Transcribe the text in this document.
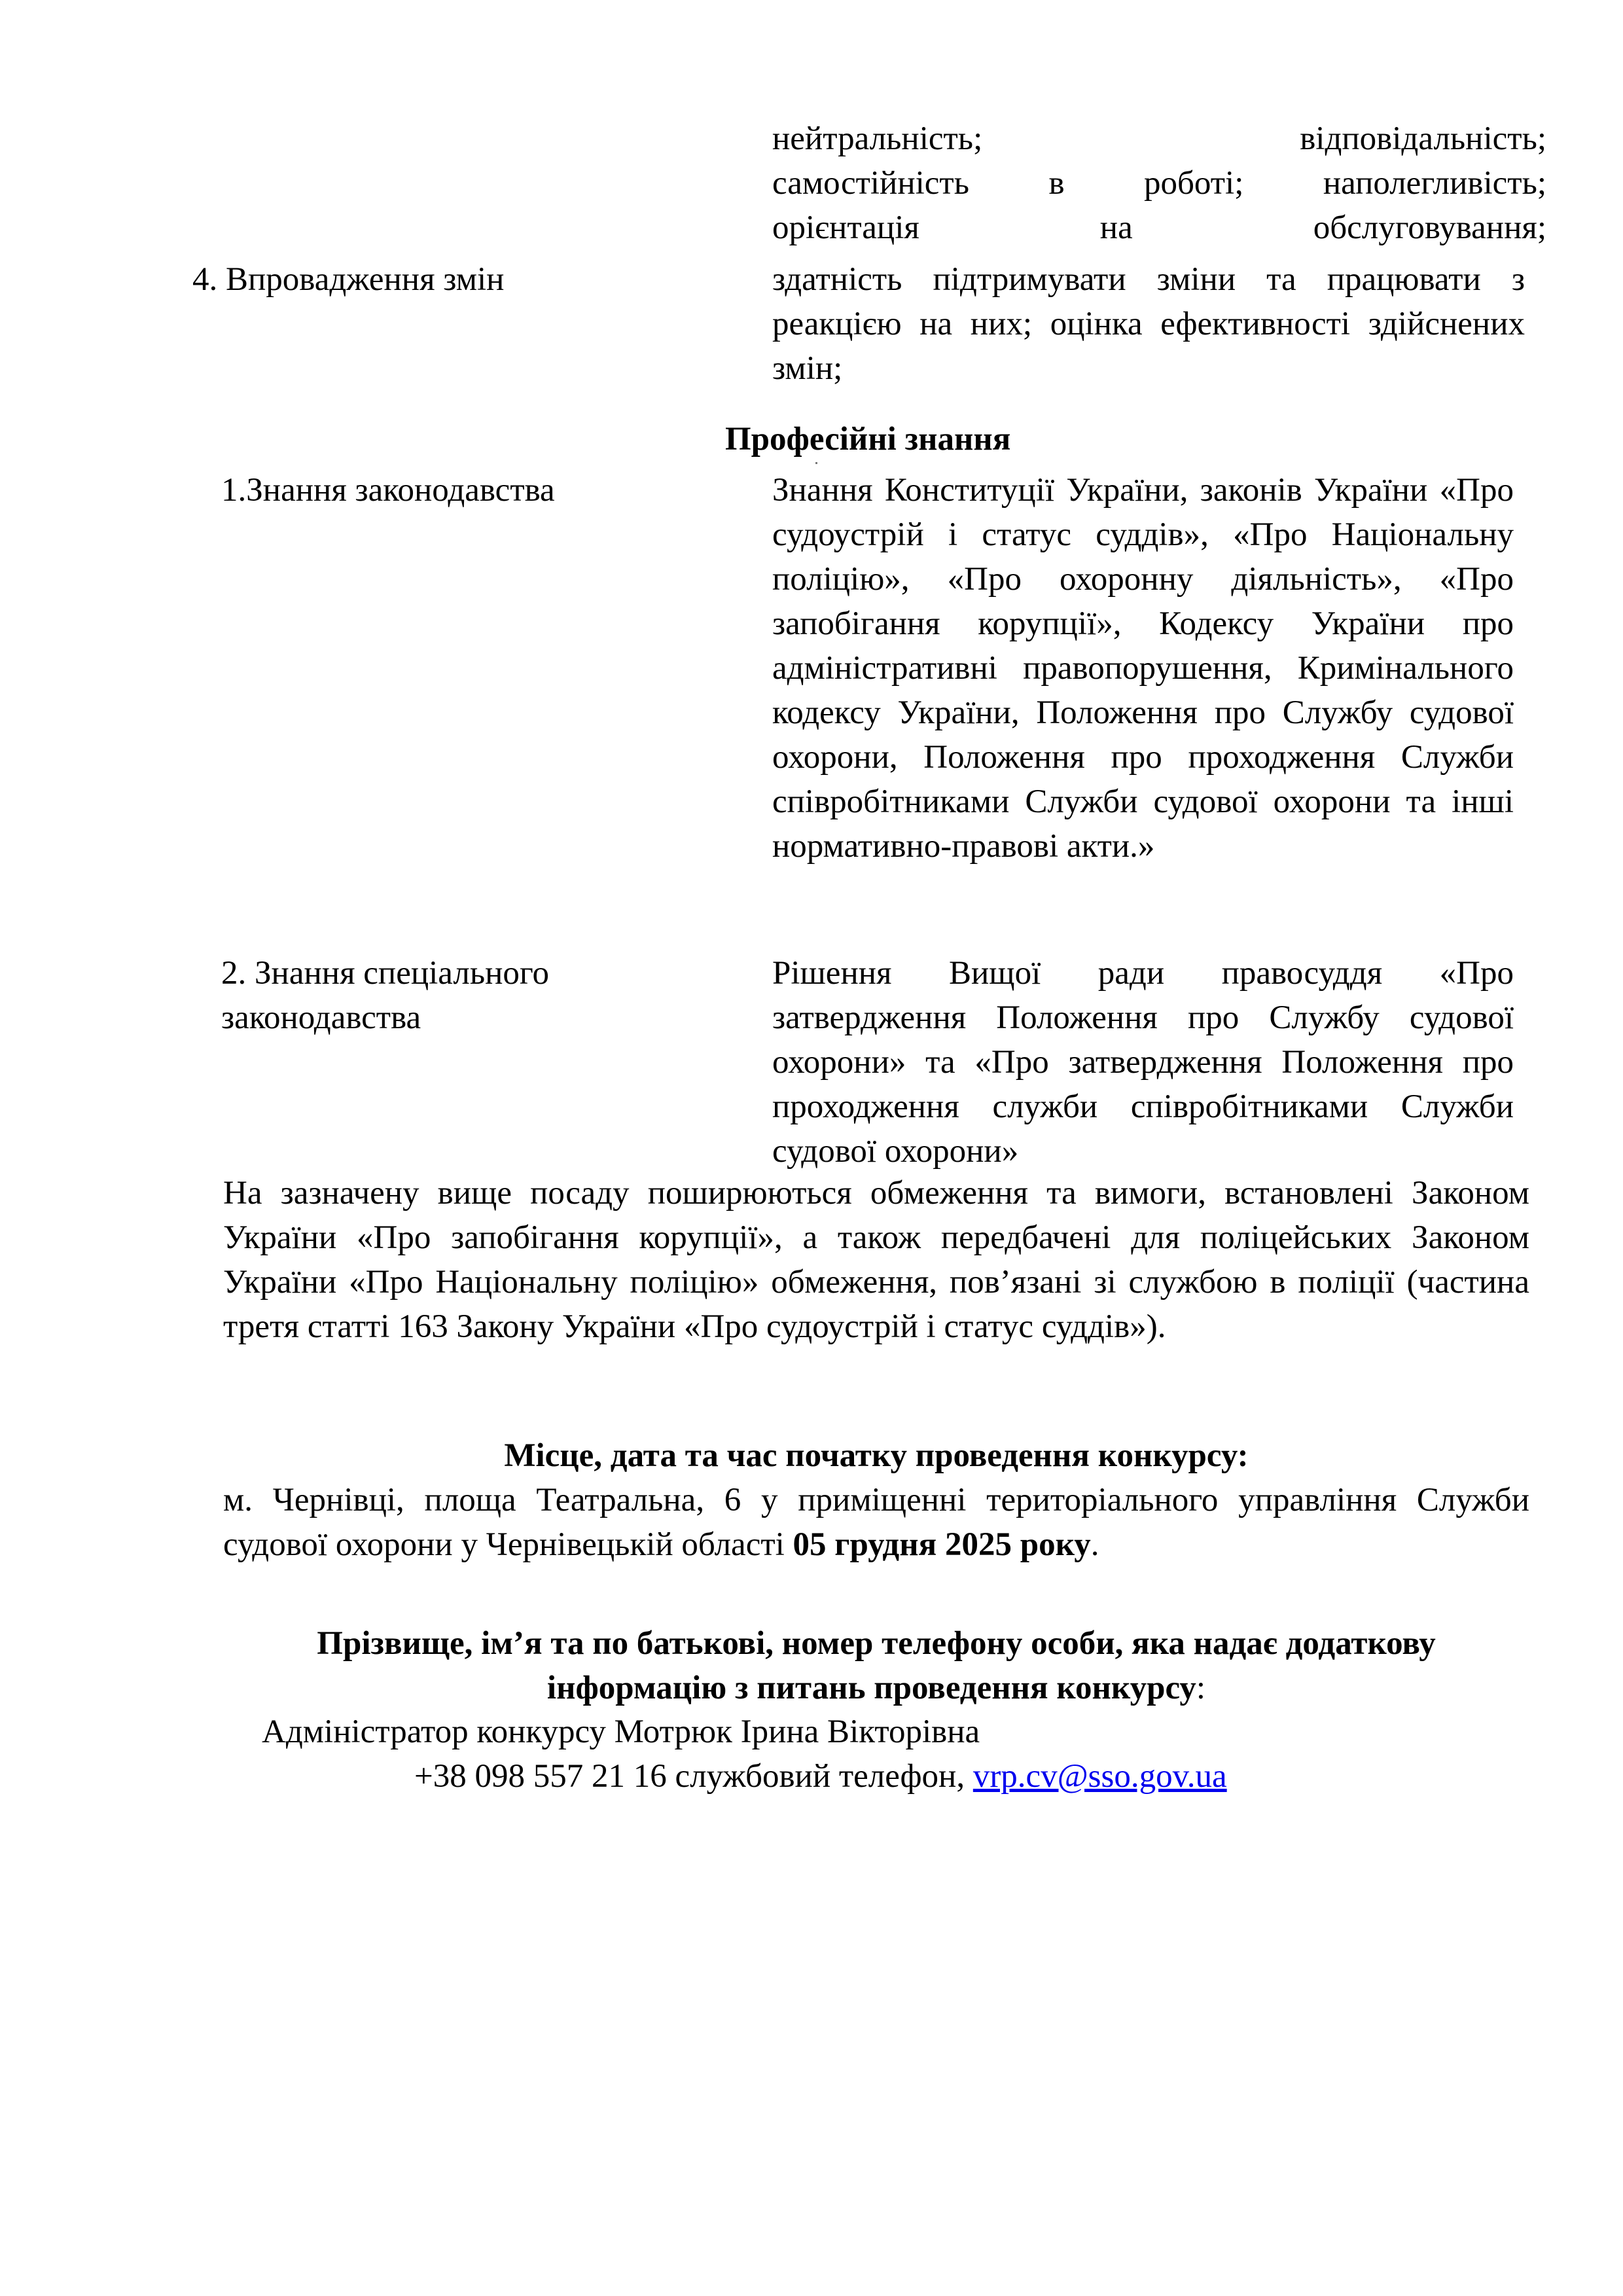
нейтральність; відповідальність;
самостійність в роботі; наполегливість;
орієнтація на обслуговування;
4. Впровадження змін	здатність підтримувати зміни та працювати з реакцією на них; оцінка ефективності здійснених змін;
Професійні знання
1.Знання законодавства	Знання Конституції України, законів України «Про судоустрій і статус суддів», «Про Національну поліцію», «Про охоронну діяльність», «Про запобігання корупції», Кодексу України про адміністративні правопорушення, Кримінального кодексу України, Положення про Службу судової охорони, Положення про проходження Служби співробітниками Служби судової охорони та інші нормативно-правові акти.»
2. Знання спеціального
законодавства
Рішення Вищої ради правосуддя «Про затвердження Положення про Службу судової охорони» та «Про затвердження Положення про проходження служби співробітниками Служби судової охорони»
На зазначену вище посаду поширюються обмеження та вимоги, встановлені Законом України «Про запобігання корупції», а також передбачені для поліцейських Законом України «Про Національну поліцію» обмеження, пов’язані зі службою в поліції (частина третя статті 163 Закону України «Про судоустрій і статус суддів»).
Місце, дата та час початку проведення конкурсу:
м. Чернівці, площа Театральна, 6 у приміщенні територіального управління Служби судової охорони у Чернівецькій області 05 грудня 2025 року.
Прізвище, ім’я та по батькові, номер телефону особи, яка надає додаткову
інформацію з питань проведення конкурсу:
Адміністратор конкурсу Мотрюк Ірина Вікторівна
+38 098 557 21 16 службовий телефон, vrp.cv@sso.gov.ua
